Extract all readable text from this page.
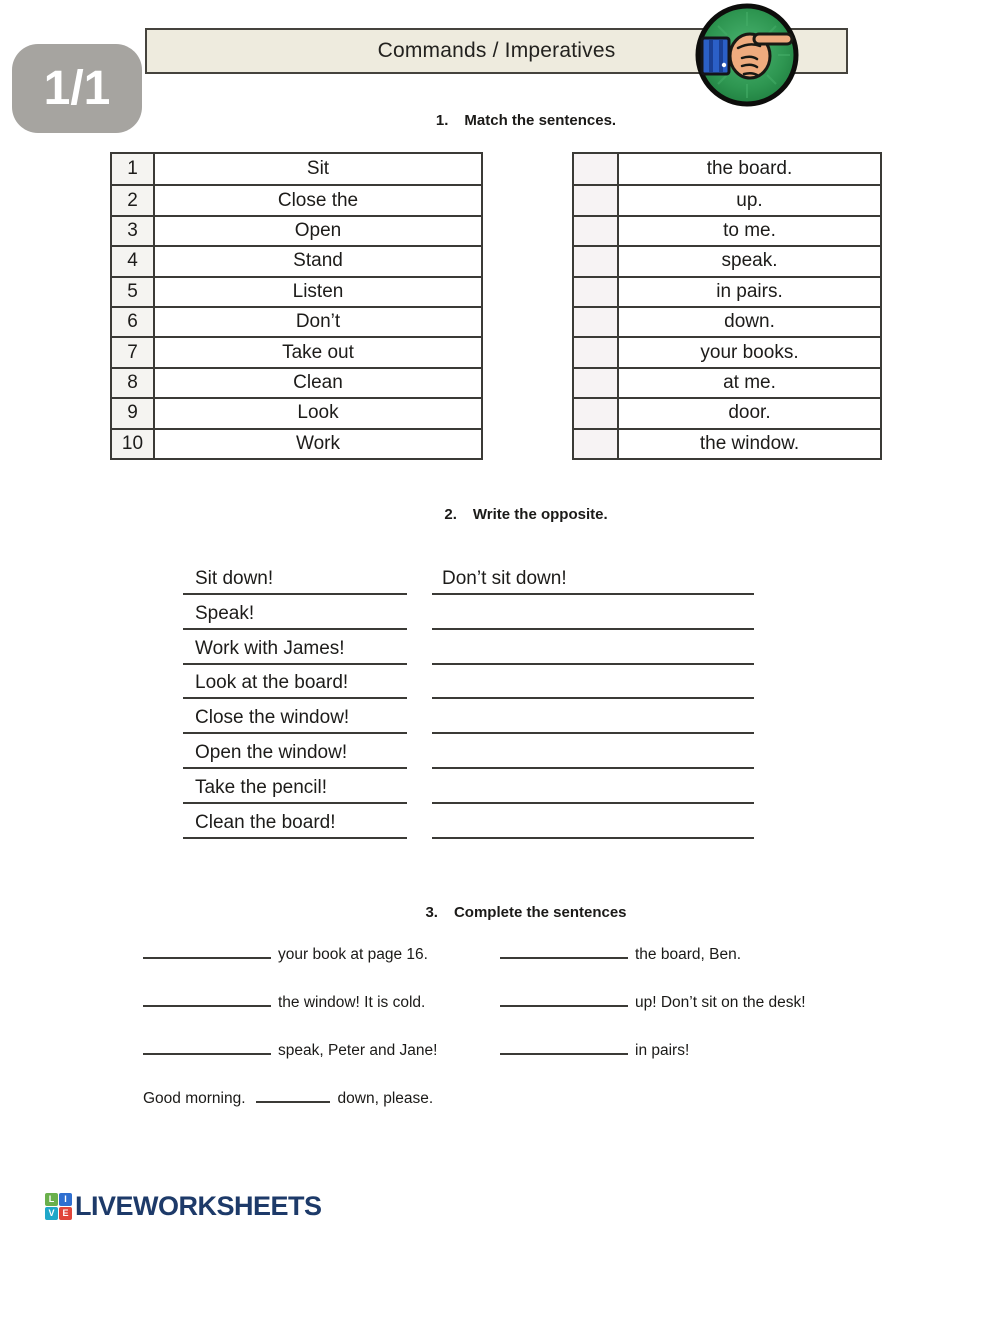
1/1
Commands / Imperatives
1. Match the sentences.
1	Sit
2	Close the
3	Open
4	Stand
5	Listen
6	Don’t
7	Take out
8	Clean
9	Look
10	Work
the board.
up.
to me.
speak.
in pairs.
down.
your books.
at me.
door.
the window.
2. Write the opposite.
Sit down!	Don’t sit down!
Speak!
Work with James!
Look at the board!
Close the window!
Open the window!
Take the pencil!
Clean the board!
3. Complete the sentences
your book at page 16.
the window! It is cold.
speak, Peter and Jane!
the board, Ben.
up! Don’t sit on the desk!
in pairs!
Good morning.	down, please.
L	I
V E LIVEWORKSHEETS
